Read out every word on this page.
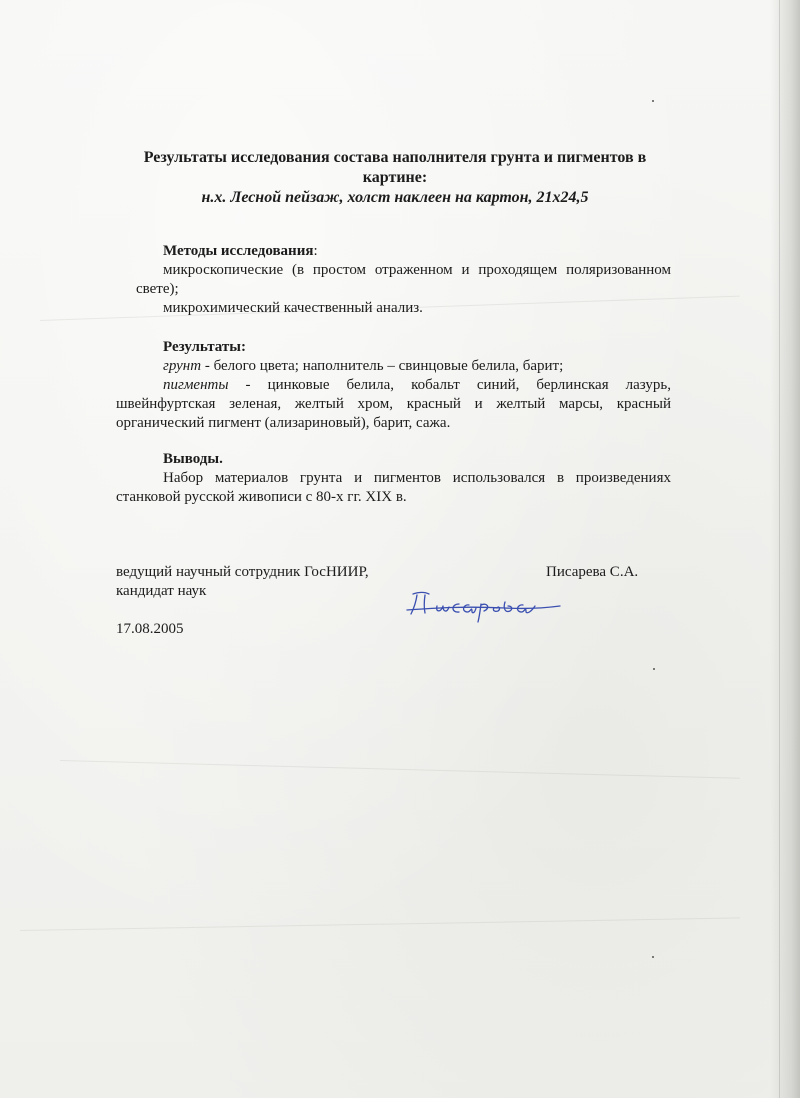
Результаты исследования состава наполнителя грунта и пигментов в
картине:
н.х. Лесной пейзаж, холст наклеен на картон, 21х24,5

Методы исследования:

микроскопические (в простом отраженном и проходящем поляризованном свете);

микрохимический качественный анализ.

Результаты:

грунт - белого цвета; наполнитель – свинцовые белила, барит;

пигменты - цинковые белила, кобальт синий, берлинская лазурь, швейнфуртская зеленая, желтый хром, красный и желтый марсы, красный органический пигмент (ализариновый), барит, сажа.

Выводы.

Набор материалов грунта и пигментов использовался в произведениях станковой русской живописи с 80-х гг. XIX в.

ведущий научный сотрудник ГосНИИР,	Писарева С.А.
кандидат наук
17.08.2005
